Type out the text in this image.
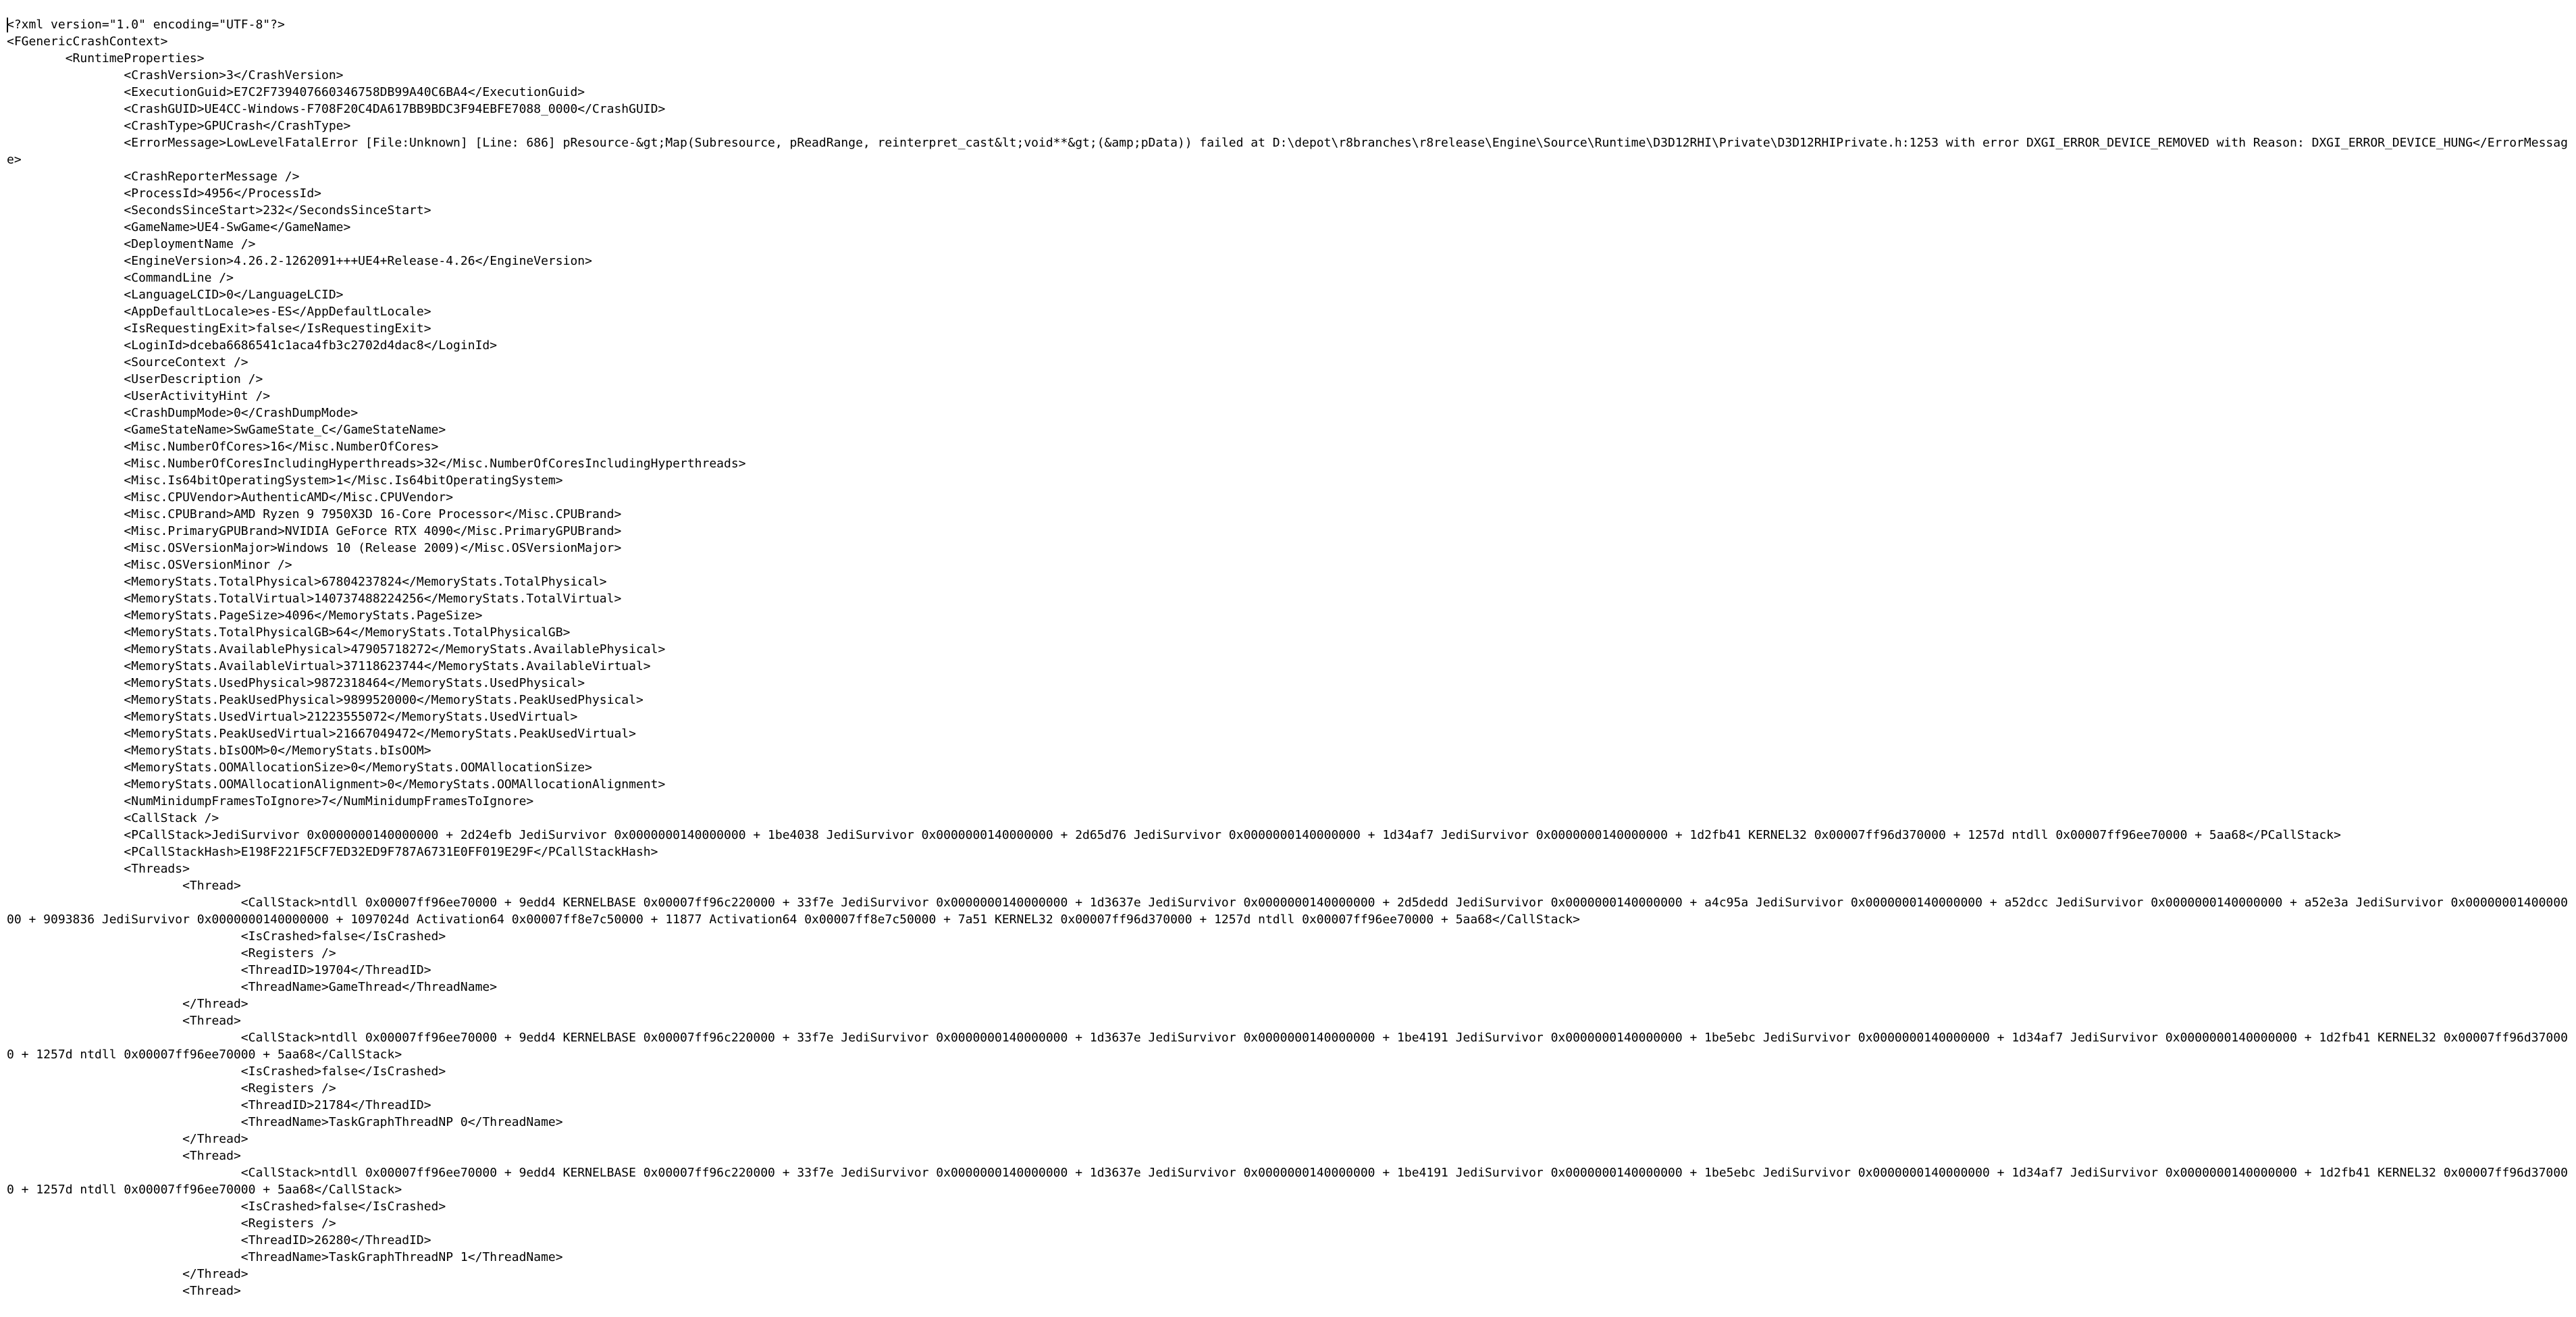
<?xml version="1.0" encoding="UTF-8"?>
<FGenericCrashContext>
<RuntimeProperties>
<CrashVersion>3</CrashVersion>
<ExecutionGuid>E7C2F739407660346758DB99A40C6BA4</ExecutionGuid>
<CrashGUID>UE4CC-Windows-F708F20C4DA617BB9BDC3F94EBFE7088_0000</CrashGUID>
<CrashType>GPUCrash</CrashType>
<ErrorMessage>LowLevelFatalError [File:Unknown] [Line: 686] pResource-&gt;Map(Subresource, pReadRange, reinterpret_cast&lt;void**&gt;(&amp;pData)) failed at D:\depot\r8branches\r8release\Engine\Source\Runtime\D3D12RHI\Private\D3D12RHIPrivate.h:1253 with error DXGI_ERROR_DEVICE_REMOVED with Reason: DXGI_ERROR_DEVICE_HUNG</ErrorMessage>
<CrashReporterMessage />
<ProcessId>4956</ProcessId>
<SecondsSinceStart>232</SecondsSinceStart>
<GameName>UE4-SwGame</GameName>
<DeploymentName />
<EngineVersion>4.26.2-1262091+++UE4+Release-4.26</EngineVersion>
<CommandLine />
<LanguageLCID>0</LanguageLCID>
<AppDefaultLocale>es-ES</AppDefaultLocale>
<IsRequestingExit>false</IsRequestingExit>
<LoginId>dceba6686541c1aca4fb3c2702d4dac8</LoginId>
<SourceContext />
<UserDescription />
<UserActivityHint />
<CrashDumpMode>0</CrashDumpMode>
<GameStateName>SwGameState_C</GameStateName>
<Misc.NumberOfCores>16</Misc.NumberOfCores>
<Misc.NumberOfCoresIncludingHyperthreads>32</Misc.NumberOfCoresIncludingHyperthreads>
<Misc.Is64bitOperatingSystem>1</Misc.Is64bitOperatingSystem>
<Misc.CPUVendor>AuthenticAMD</Misc.CPUVendor>
<Misc.CPUBrand>AMD Ryzen 9 7950X3D 16-Core Processor</Misc.CPUBrand>
<Misc.PrimaryGPUBrand>NVIDIA GeForce RTX 4090</Misc.PrimaryGPUBrand>
<Misc.OSVersionMajor>Windows 10 (Release 2009)</Misc.OSVersionMajor>
<Misc.OSVersionMinor />
<MemoryStats.TotalPhysical>67804237824</MemoryStats.TotalPhysical>
<MemoryStats.TotalVirtual>140737488224256</MemoryStats.TotalVirtual>
<MemoryStats.PageSize>4096</MemoryStats.PageSize>
<MemoryStats.TotalPhysicalGB>64</MemoryStats.TotalPhysicalGB>
<MemoryStats.AvailablePhysical>47905718272</MemoryStats.AvailablePhysical>
<MemoryStats.AvailableVirtual>37118623744</MemoryStats.AvailableVirtual>
<MemoryStats.UsedPhysical>9872318464</MemoryStats.UsedPhysical>
<MemoryStats.PeakUsedPhysical>9899520000</MemoryStats.PeakUsedPhysical>
<MemoryStats.UsedVirtual>21223555072</MemoryStats.UsedVirtual>
<MemoryStats.PeakUsedVirtual>21667049472</MemoryStats.PeakUsedVirtual>
<MemoryStats.bIsOOM>0</MemoryStats.bIsOOM>
<MemoryStats.OOMAllocationSize>0</MemoryStats.OOMAllocationSize>
<MemoryStats.OOMAllocationAlignment>0</MemoryStats.OOMAllocationAlignment>
<NumMinidumpFramesToIgnore>7</NumMinidumpFramesToIgnore>
<CallStack />
<PCallStack>JediSurvivor 0x0000000140000000 + 2d24efb JediSurvivor 0x0000000140000000 + 1be4038 JediSurvivor 0x0000000140000000 + 2d65d76 JediSurvivor 0x0000000140000000 + 1d34af7 JediSurvivor 0x0000000140000000 + 1d2fb41 KERNEL32 0x00007ff96d370000 + 1257d ntdll 0x00007ff96ee70000 + 5aa68</PCallStack>
<PCallStackHash>E198F221F5CF7ED32ED9F787A6731E0FF019E29F</PCallStackHash>
<Threads>
<Thread>
<CallStack>ntdll 0x00007ff96ee70000 + 9edd4 KERNELBASE 0x00007ff96c220000 + 33f7e JediSurvivor 0x0000000140000000 + 1d3637e JediSurvivor 0x0000000140000000 + 2d5dedd JediSurvivor 0x0000000140000000 + a4c95a JediSurvivor 0x0000000140000000 + a52dcc JediSurvivor 0x0000000140000000 + a52e3a JediSurvivor 0x0000000140000000 + 9093836 JediSurvivor 0x0000000140000000 + 1097024d Activation64 0x00007ff8e7c50000 + 11877 Activation64 0x00007ff8e7c50000 + 7a51 KERNEL32 0x00007ff96d370000 + 1257d ntdll 0x00007ff96ee70000 + 5aa68</CallStack>
<IsCrashed>false</IsCrashed>
<Registers />
<ThreadID>19704</ThreadID>
<ThreadName>GameThread</ThreadName>
</Thread>
<Thread>
<CallStack>ntdll 0x00007ff96ee70000 + 9edd4 KERNELBASE 0x00007ff96c220000 + 33f7e JediSurvivor 0x0000000140000000 + 1d3637e JediSurvivor 0x0000000140000000 + 1be4191 JediSurvivor 0x0000000140000000 + 1be5ebc JediSurvivor 0x0000000140000000 + 1d34af7 JediSurvivor 0x0000000140000000 + 1d2fb41 KERNEL32 0x00007ff96d370000 + 1257d ntdll 0x00007ff96ee70000 + 5aa68</CallStack>
<IsCrashed>false</IsCrashed>
<Registers />
<ThreadID>21784</ThreadID>
<ThreadName>TaskGraphThreadNP 0</ThreadName>
</Thread>
<Thread>
<CallStack>ntdll 0x00007ff96ee70000 + 9edd4 KERNELBASE 0x00007ff96c220000 + 33f7e JediSurvivor 0x0000000140000000 + 1d3637e JediSurvivor 0x0000000140000000 + 1be4191 JediSurvivor 0x0000000140000000 + 1be5ebc JediSurvivor 0x0000000140000000 + 1d34af7 JediSurvivor 0x0000000140000000 + 1d2fb41 KERNEL32 0x00007ff96d370000 + 1257d ntdll 0x00007ff96ee70000 + 5aa68</CallStack>
<IsCrashed>false</IsCrashed>
<Registers />
<ThreadID>26280</ThreadID>
<ThreadName>TaskGraphThreadNP 1</ThreadName>
</Thread>
<Thread>
